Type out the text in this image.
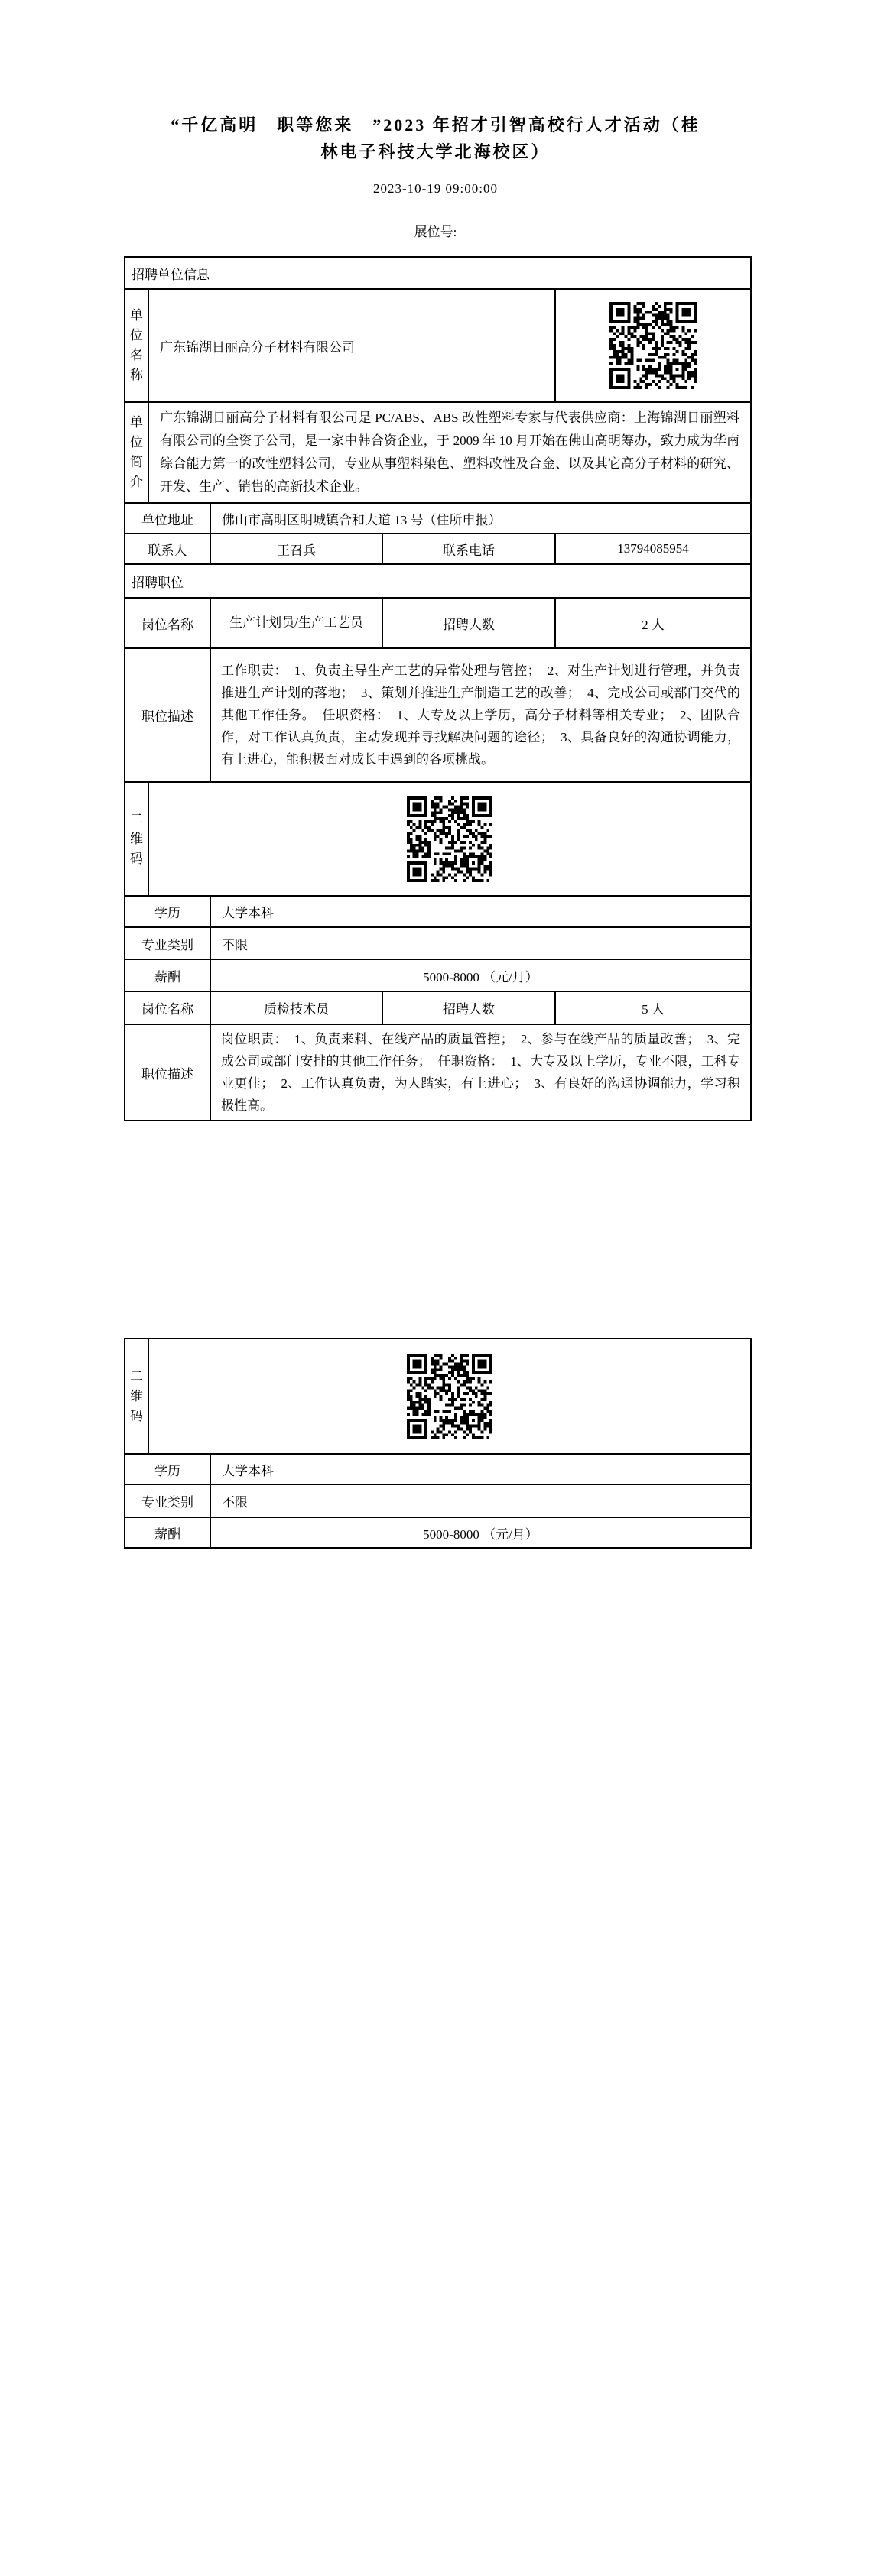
“千亿高明　职等您来　”2023 年招才引智高校行人才活动（桂
林电子科技大学北海校区）
2023-10-19 09:00:00
展位号:
招聘单位信息				
单位名称	广东锦湖日丽高分子材料有限公司	
单位简介	广东锦湖日丽高分子材料有限公司是 PC/ABS、ABS 改性塑料专家与代表供应商：上海锦湖日丽塑料有限公司的全资子公司，是一家中韩合资企业，于 2009 年 10 月开始在佛山高明筹办，致力成为华南综合能力第一的改性塑料公司，专业从事塑料染色、塑料改性及合金、以及其它高分子材料的研究、开发、生产、销售的高新技术企业。			
单位地址		佛山市高明区明城镇合和大道 13 号（住所申报）		
联系人		王召兵	联系电话	13794085954
招聘职位				
岗位名称		生产计划员/生产工艺员	招聘人数	2 人
职位描述		工作职责：　1、负责主导生产工艺的异常处理与管控；　2、对生产计划进行管理，并负责推进生产计划的落地；　3、策划并推进生产制造工艺的改善；　4、完成公司或部门交代的其他工作任务。　任职资格：　1、大专及以上学历，高分子材料等相关专业；　2、团队合作，对工作认真负责，主动发现并寻找解决问题的途径；　3、具备良好的沟通协调能力，有上进心，能积极面对成长中遇到的各项挑战。		
二维码	
学历		大学本科		
专业类别		不限		
薪酬		5000-8000 （元/月）		
岗位名称		质检技术员	招聘人数	5 人
职位描述		岗位职责：　1、负责来料、在线产品的质量管控；　2、参与在线产品的质量改善；　3、完成公司或部门安排的其他工作任务；　任职资格：　1、大专及以上学历，专业不限，工科专业更佳；　2、工作认真负责，为人踏实，有上进心；　3、有良好的沟通协调能力，学习积极性高。		
二维码	
学历		大学本科
专业类别		不限
薪酬		5000-8000 （元/月）
